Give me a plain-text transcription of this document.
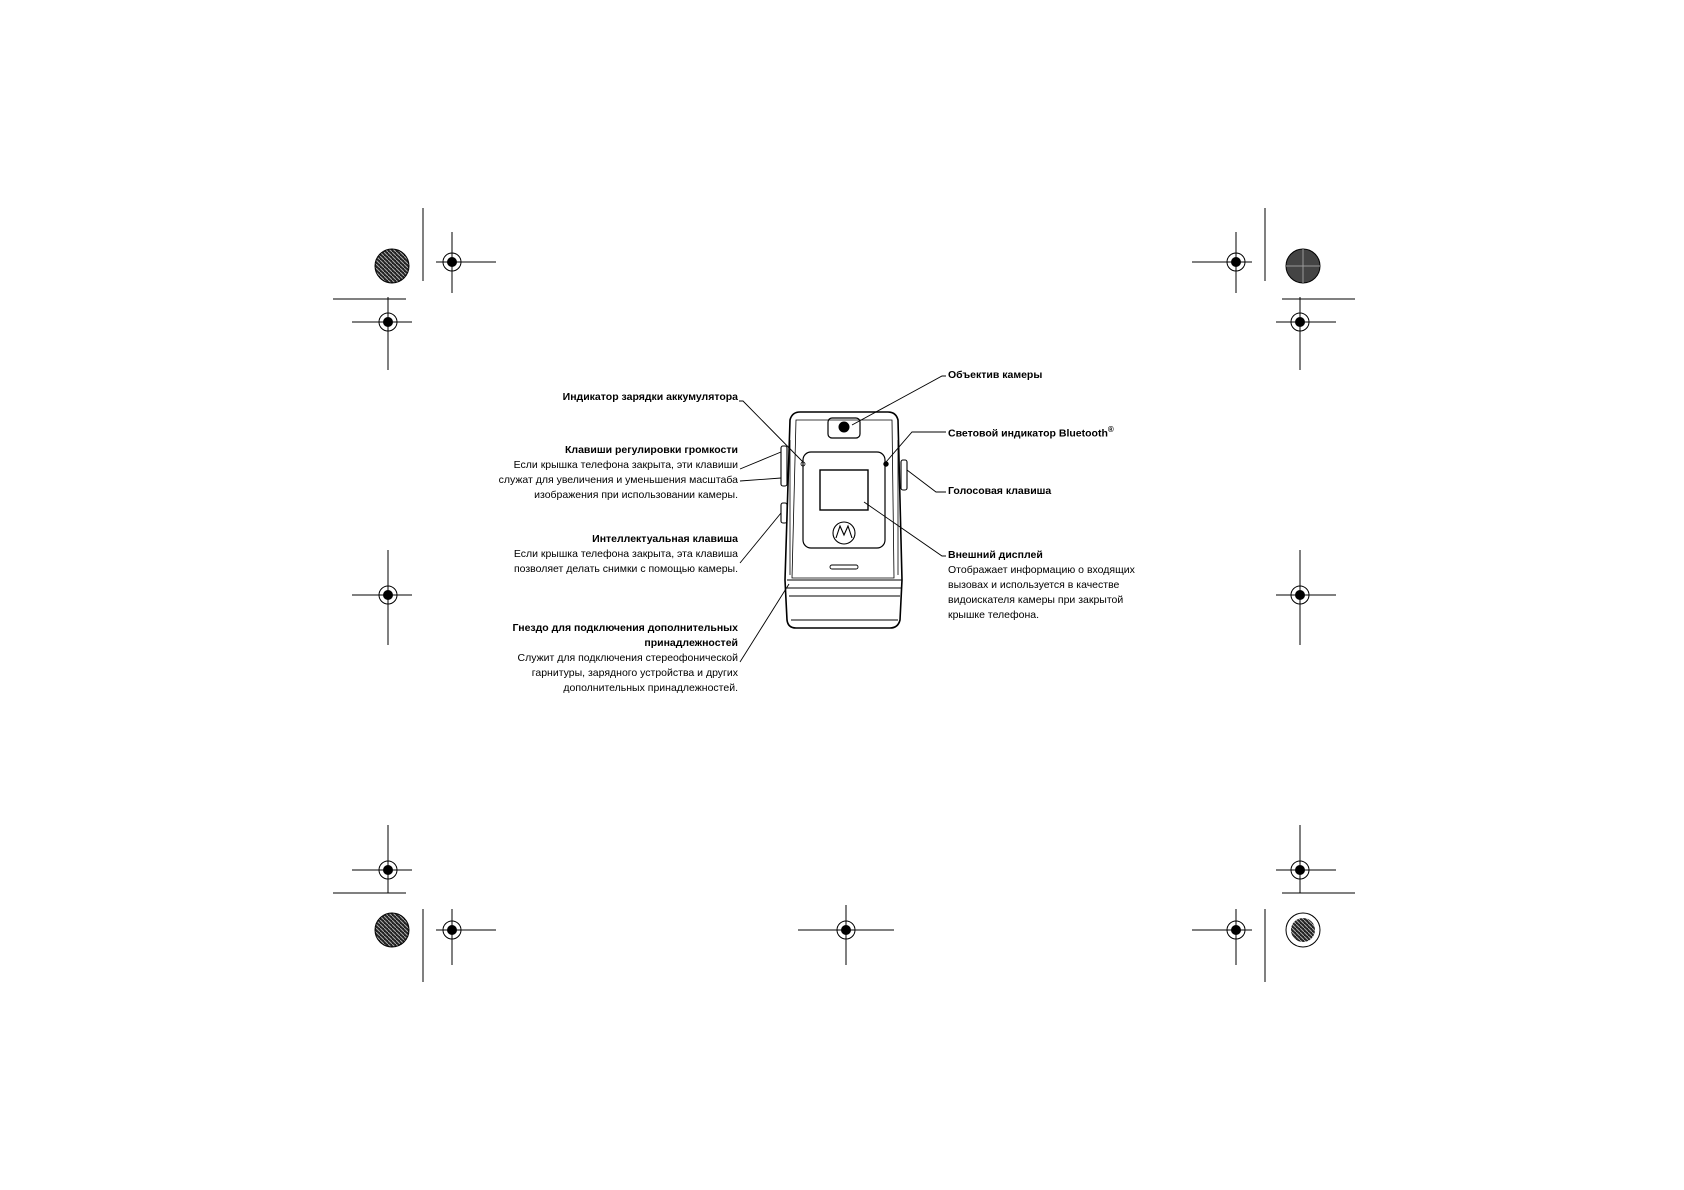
Индикатор зарядки аккумулятора
Клавиши регулировки громкости
Если крышка телефона закрыта, эти клавиши
служат для увеличения и уменьшения масштаба
изображения при использовании камеры.
Интеллектуальная клавиша
Если крышка телефона закрыта, эта клавиша
позволяет делать снимки с помощью камеры.
Гнездо для подключения дополнительных
принадлежностей
Служит для подключения стереофонической
гарнитуры, зарядного устройства и других
дополнительных принадлежностей.
Объектив камеры
Световой индикатор Bluetooth®
Голосовая клавиша
Внешний дисплей
Отображает информацию о входящих
вызовах и используется в качестве
видоискателя камеры при закрытой
крышке телефона.
